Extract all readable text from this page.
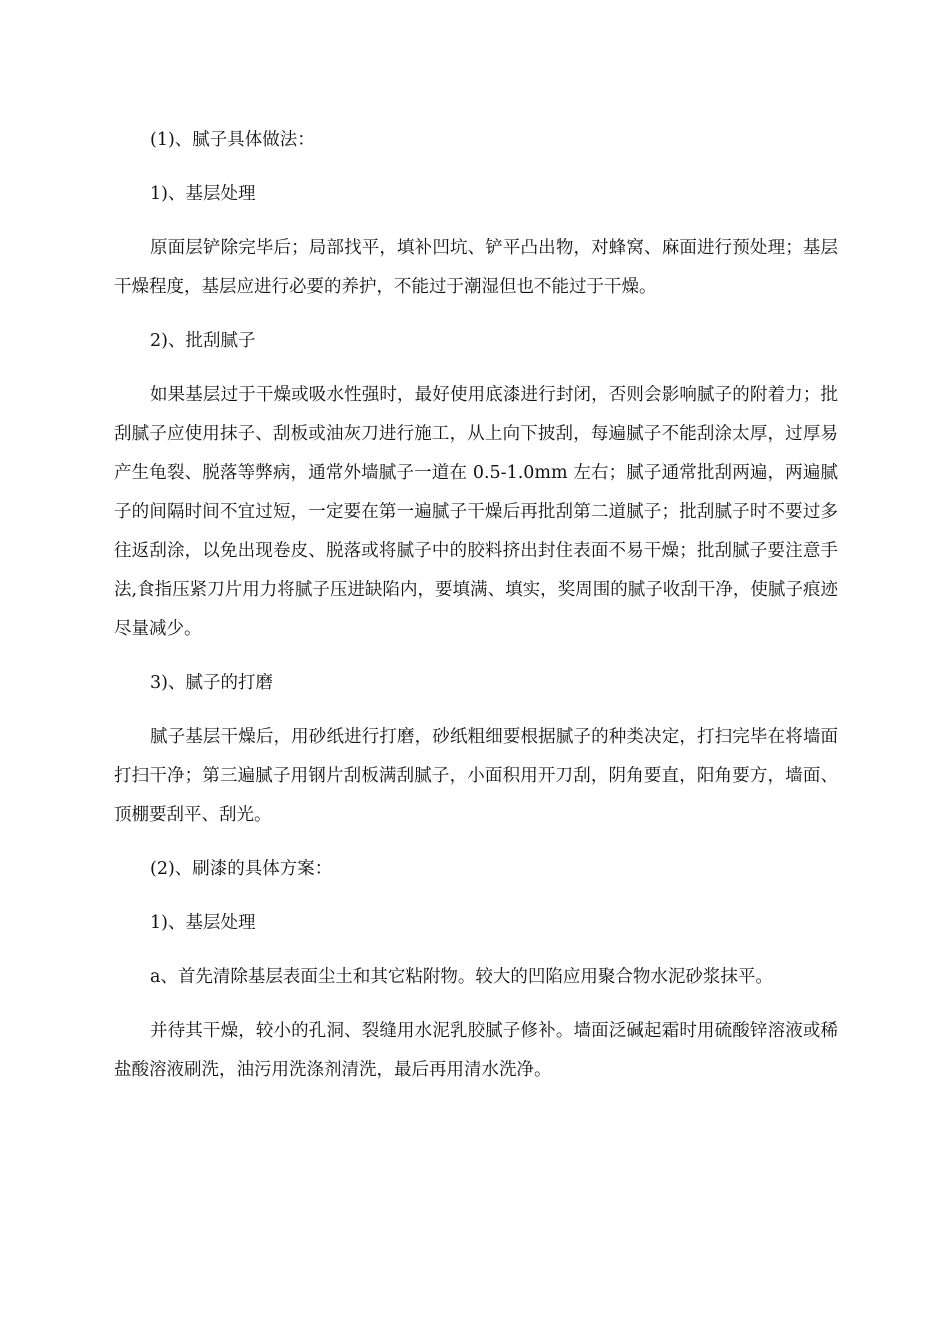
(1)、腻子具体做法：

1)、基层处理

原面层铲除完毕后；局部找平，填补凹坑、铲平凸出物，对蜂窝、麻面进行预处理；基层干燥程度，基层应进行必要的养护，不能过于潮湿但也不能过于干燥。

2)、批刮腻子

如果基层过于干燥或吸水性强时，最好使用底漆进行封闭，否则会影响腻子的附着力；批刮腻子应使用抹子、刮板或油灰刀进行施工，从上向下披刮，每遍腻子不能刮涂太厚，过厚易产生龟裂、脱落等弊病，通常外墙腻子一道在 0.5-1.0mm 左右；腻子通常批刮两遍，两遍腻子的间隔时间不宜过短，一定要在第一遍腻子干燥后再批刮第二道腻子；批刮腻子时不要过多往返刮涂，以免出现卷皮、脱落或将腻子中的胶料挤出封住表面不易干燥；批刮腻子要注意手法,食指压紧刀片用力将腻子压进缺陷内，要填满、填实，奖周围的腻子收刮干净，使腻子痕迹尽量减少。

3)、腻子的打磨

腻子基层干燥后，用砂纸进行打磨，砂纸粗细要根据腻子的种类决定，打扫完毕在将墙面打扫干净；第三遍腻子用钢片刮板满刮腻子，小面积用开刀刮，阴角要直，阳角要方，墙面、顶棚要刮平、刮光。

(2)、刷漆的具体方案：

1)、基层处理

a、首先清除基层表面尘土和其它粘附物。较大的凹陷应用聚合物水泥砂浆抹平。

并待其干燥，较小的孔洞、裂缝用水泥乳胶腻子修补。墙面泛碱起霜时用硫酸锌溶液或稀盐酸溶液刷洗，油污用洗涤剂清洗，最后再用清水洗净。
